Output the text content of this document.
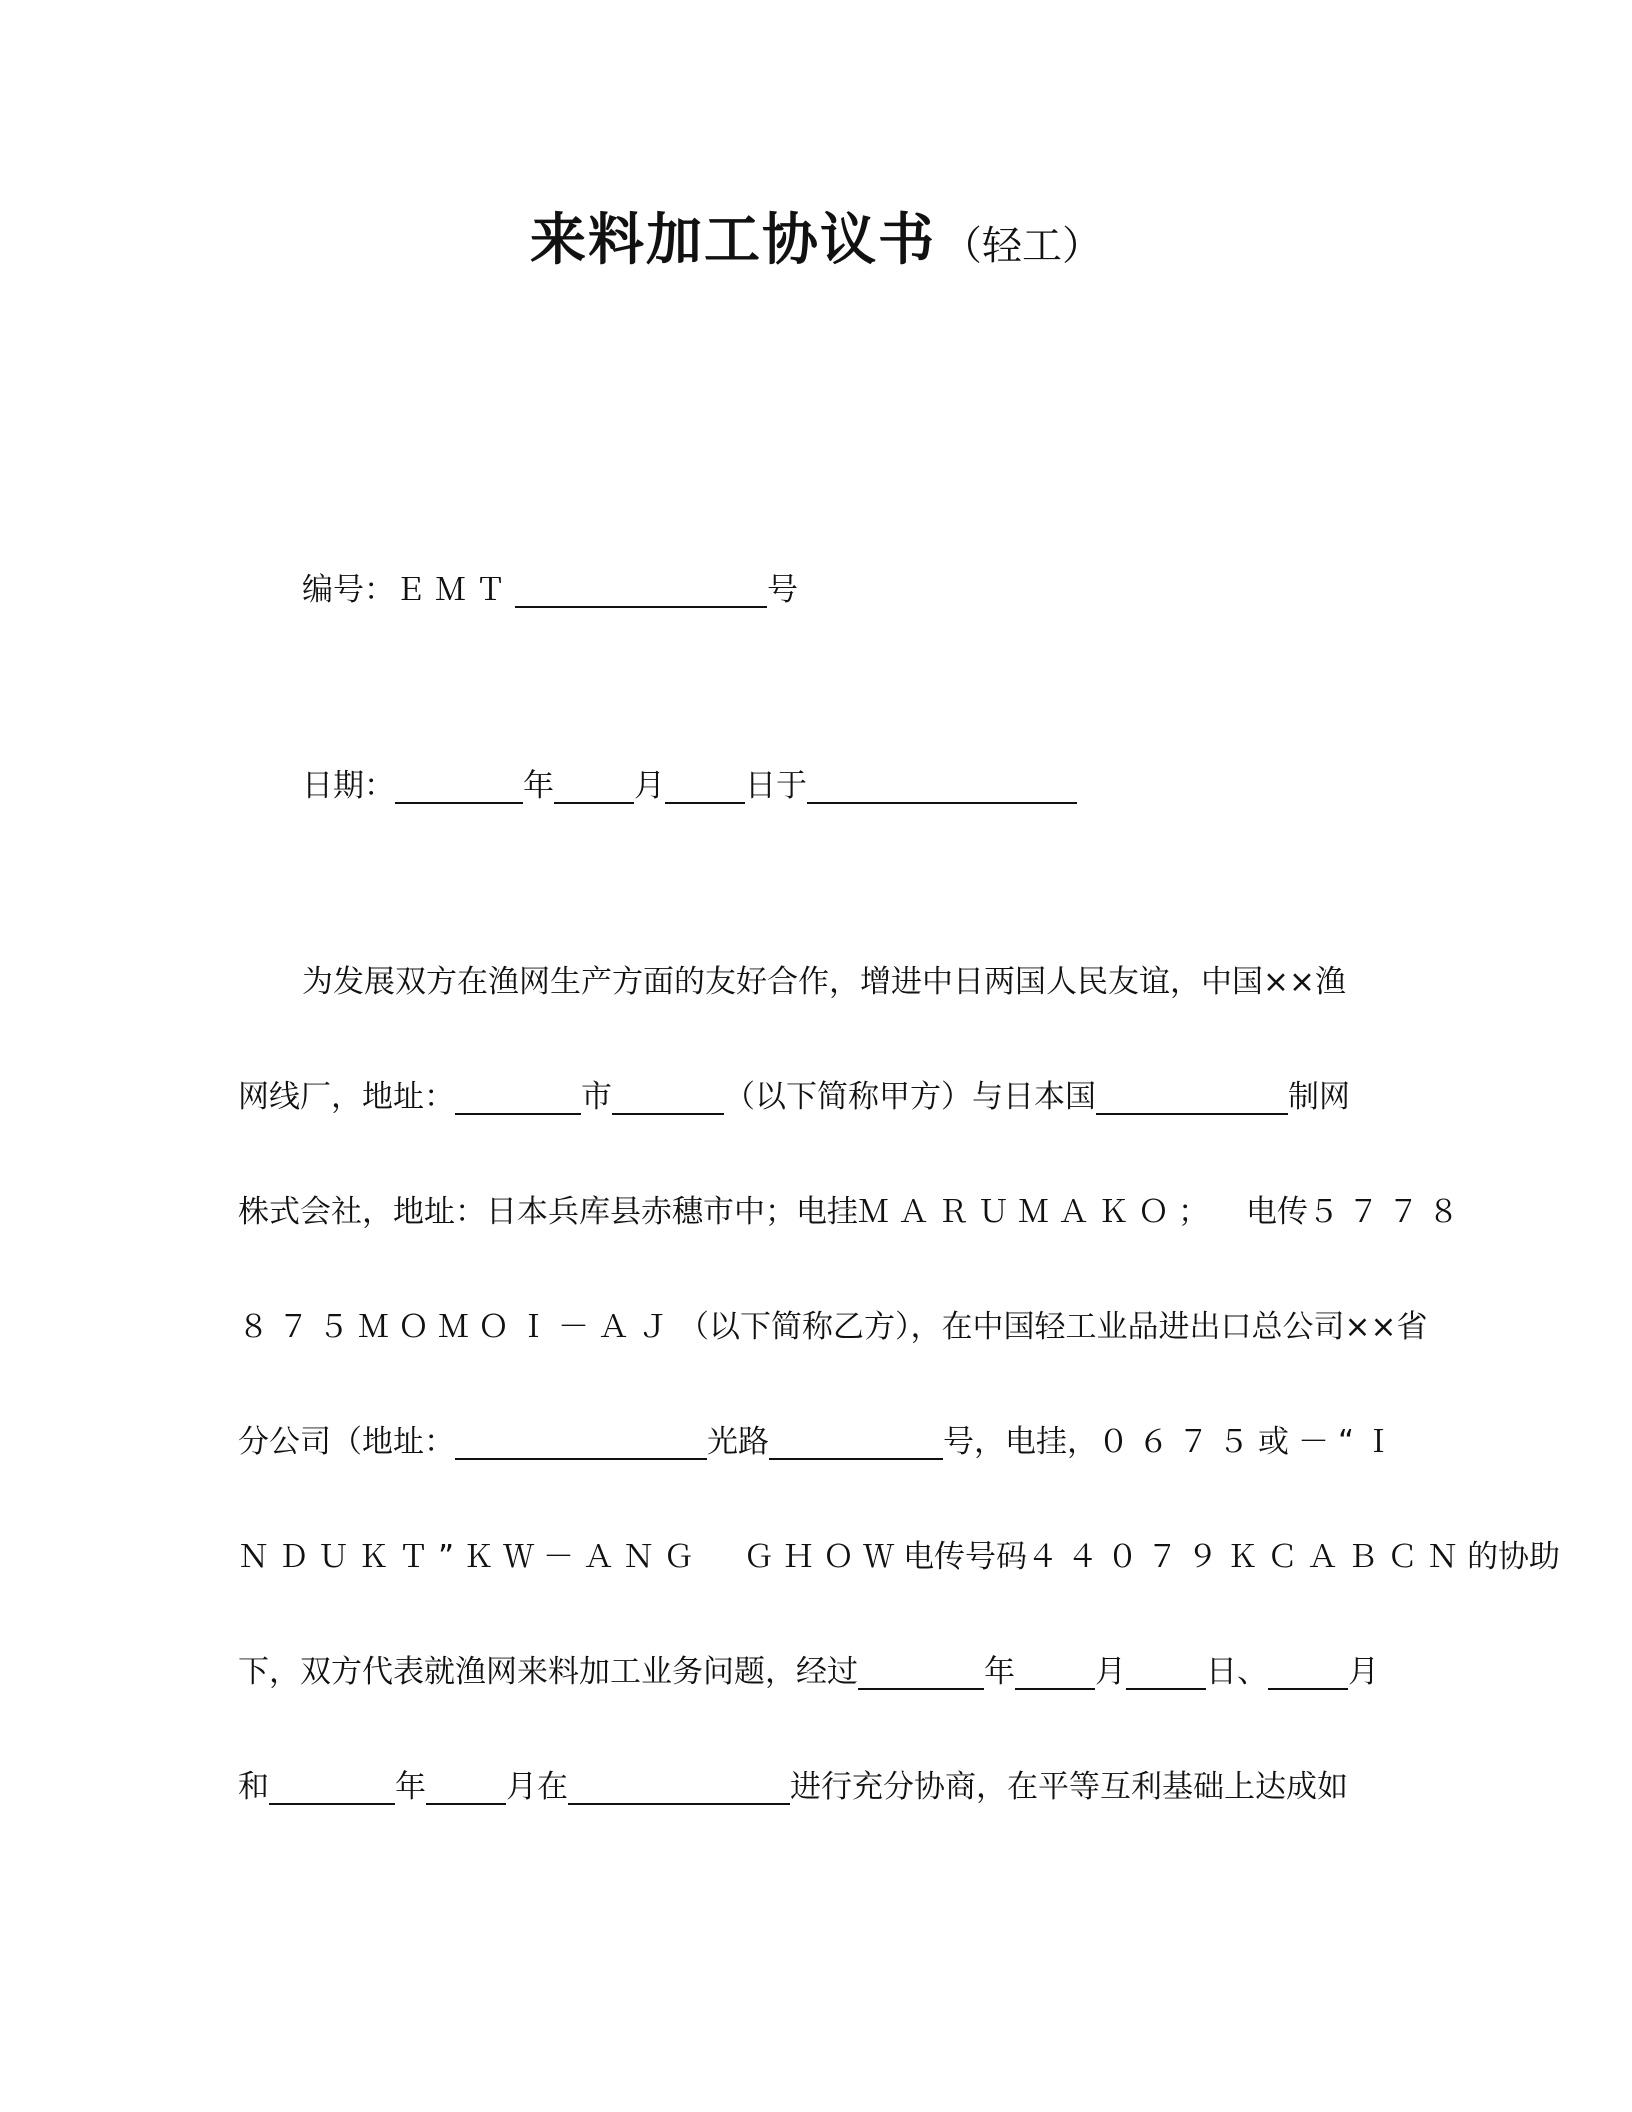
来料加工协议书 （轻工）
编号：ＥＭＴ	号
日期：	年	月	日于
为发展双方在渔网生产方面的友好合作，增进中日两国人民友谊，中国××渔
网线厂，地址：	市	（以下简称甲方）与日本国	制网
株式会社，地址：日本兵库县赤穗市中；电挂ＭＡＲＵＭＡＫＯ； 电传５７７８
８７５ＭＯＭＯＩ－ＡＪ（以下简称乙方），在中国轻工业品进出口总公司××省
分公司（地址：	光路	号，电挂，０６７５或－“Ｉ
ＮＤＵＫＴ”ＫＷ－ＡＮＧ　ＧＨＯＷ电传号码４４０７９ＫＣＡＢＣＮ的协助
下，双方代表就渔网来料加工业务问题，经过	年	月	日、	月
和	年	月在	进行充分协商，在平等互利基础上达成如
